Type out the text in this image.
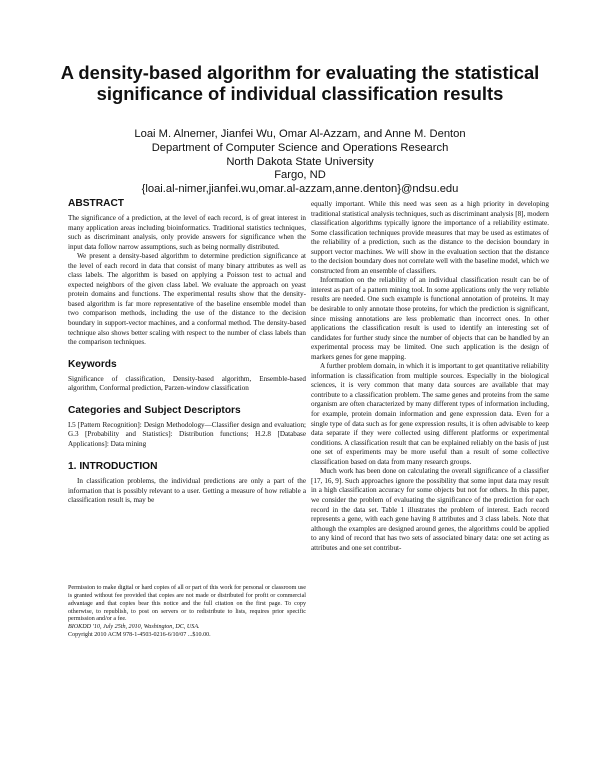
A density-based algorithm for evaluating the statistical significance of individual classification results
Loai M. Alnemer, Jianfei Wu, Omar Al-Azzam, and Anne M. Denton
Department of Computer Science and Operations Research
North Dakota State University
Fargo, ND
{loai.al-nimer,jianfei.wu,omar.al-azzam,anne.denton}@ndsu.edu
ABSTRACT

The significance of a prediction, at the level of each record, is of great interest in many application areas including bioinformatics. Traditional statistics techniques, such as discriminant analysis, only provide answers for significance when the input data follow narrow assumptions, such as being normally distributed.

We present a density-based algorithm to determine prediction significance at the level of each record in data that consist of many binary attributes as well as class labels. The algorithm is based on applying a Poisson test to actual and expected neighbors of the given class label. We evaluate the approach on yeast protein domains and functions. The experimental results show that the density-based algorithm is far more representative of the baseline ensemble model than two comparison methods, including the use of the distance to the decision boundary in support-vector machines, and a conformal method. The density-based technique also shows better scaling with respect to the number of class labels than the comparison techniques.

Keywords

Significance of classification, Density-based algorithm, Ensemble-based algorithm, Conformal prediction, Parzen-window classification

Categories and Subject Descriptors

I.5 [Pattern Recognition]: Design Methodology—Classifier design and evaluation; G.3 [Probability and Statistics]: Distribution functions; H.2.8 [Database Applications]: Data mining

1. INTRODUCTION

In classification problems, the individual predictions are only a part of the information that is possibly relevant to a user. Getting a measure of how reliable a classification result is, may be

Permission to make digital or hard copies of all or part of this work for personal or classroom use is granted without fee provided that copies are not made or distributed for profit or commercial advantage and that copies bear this notice and the full citation on the first page. To copy otherwise, to republish, to post on servers or to redistribute to lists, requires prior specific permission and/or a fee.

BIOKDD '10, July 25th, 2010, Washington, DC, USA.

Copyright 2010 ACM 978-1-4503-0216-6/10/07 ...$10.00.

equally important. While this need was seen as a high priority in developing traditional statistical analysis techniques, such as discriminant analysis [8], modern classification algorithms typically ignore the importance of a reliability estimate. Some classification techniques provide measures that may be used as estimates of the reliability of a prediction, such as the distance to the decision boundary in support vector machines. We will show in the evaluation section that the distance to the decision boundary does not correlate well with the baseline model, which we constructed from an ensemble of classifiers.

Information on the reliability of an individual classification result can be of interest as part of a pattern mining tool. In some applications only the very reliable results are needed. One such example is functional annotation of proteins. It may be desirable to only annotate those proteins, for which the prediction is significant, since missing annotations are less problematic than incorrect ones. In other applications the classification result is used to identify an interesting set of candidates for further study since the number of objects that can be handled by an experimental process may be limited. One such application is the design of markers genes for gene mapping.

A further problem domain, in which it is important to get quantitative reliability information is classification from multiple sources. Especially in the biological sciences, it is very common that many data sources are available that may contribute to a classification problem. The same genes and proteins from the same organism are often characterized by many different types of information including, for example, protein domain information and gene expression data. Even for a single type of data such as for gene expression results, it is often advisable to keep data separate if they were collected using different platforms or experimental conditions. A classification result that can be explained reliably on the basis of just one set of experiments may be more useful than a result of some collective classification based on data from many research groups.

Much work has been done on calculating the overall significance of a classifier [17, 16, 9]. Such approaches ignore the possibility that some input data may result in a high classification accuracy for some objects but not for others. In this paper, we consider the problem of evaluating the significance of the prediction for each record in the data set. Table 1 illustrates the problem of interest. Each record represents a gene, with each gene having 8 attributes and 3 class labels. Note that although the examples are designed around genes, the algorithms could be applied to any kind of record that has two sets of associated binary data: one set acting as attributes and one set contribut-
